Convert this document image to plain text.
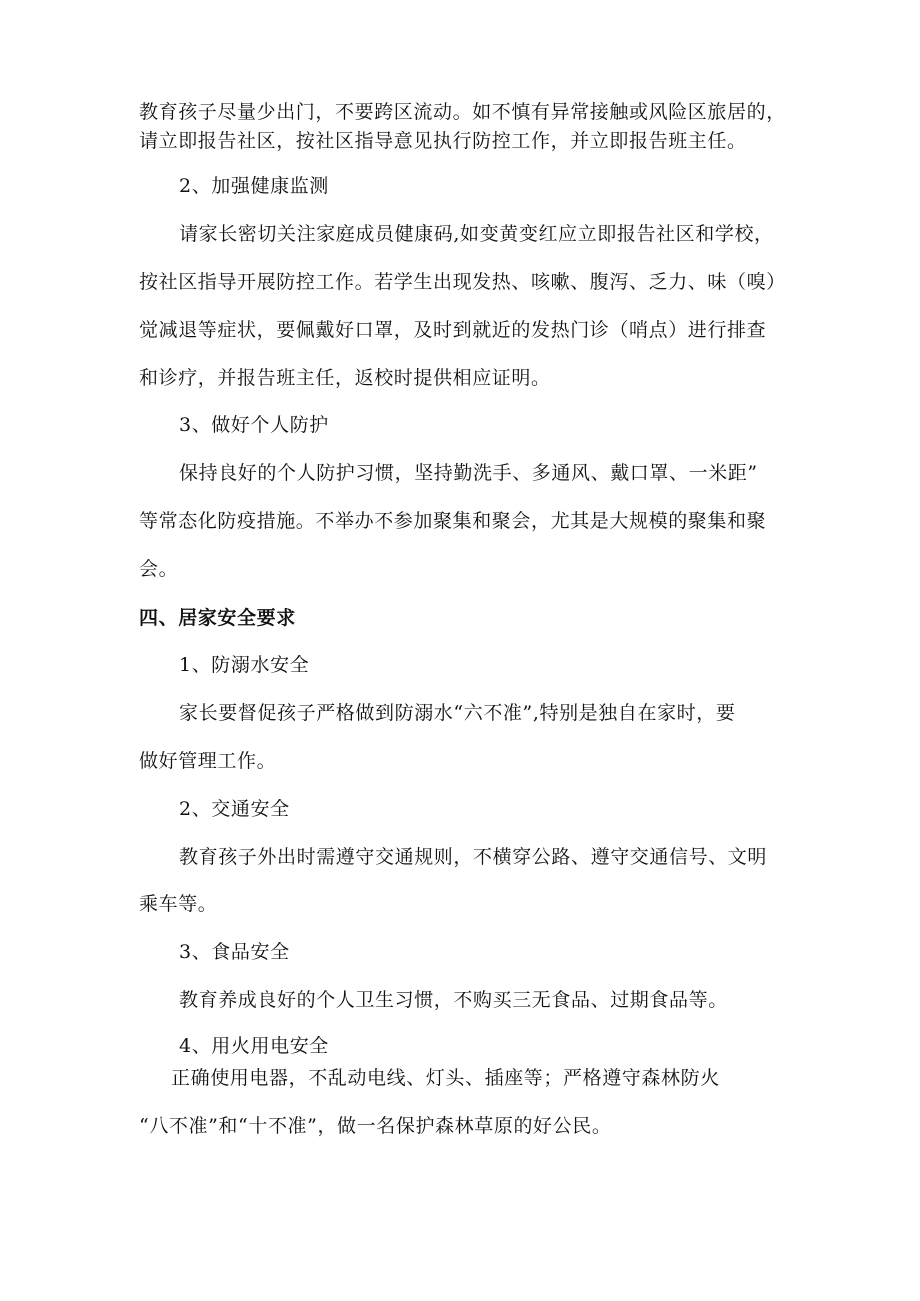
教育孩子尽量少出门，不要跨区流动。如不慎有异常接触或风险区旅居的，
请立即报告社区，按社区指导意见执行防控工作，并立即报告班主任。
2、加强健康监测
请家长密切关注家庭成员健康码,如变黄变红应立即报告社区和学校，
按社区指导开展防控工作。若学生出现发热、咳嗽、腹泻、乏力、味（嗅）
觉减退等症状，要佩戴好口罩，及时到就近的发热门诊（哨点）进行排查
和诊疗，并报告班主任，返校时提供相应证明。
3、做好个人防护
保持良好的个人防护习惯，坚持勤洗手、多通风、戴口罩、一米距”
等常态化防疫措施。不举办不参加聚集和聚会，尤其是大规模的聚集和聚
会。
四、居家安全要求
1、防溺水安全
家长要督促孩子严格做到防溺水“六不准”,特别是独自在家时，要
做好管理工作。
2、交通安全
教育孩子外出时需遵守交通规则，不横穿公路、遵守交通信号、文明
乘车等。
3、食品安全
教育养成良好的个人卫生习惯，不购买三无食品、过期食品等。
4、用火用电安全
正确使用电器，不乱动电线、灯头、插座等；严格遵守森林防火
“八不准”和“十不准”，做一名保护森林草原的好公民。
